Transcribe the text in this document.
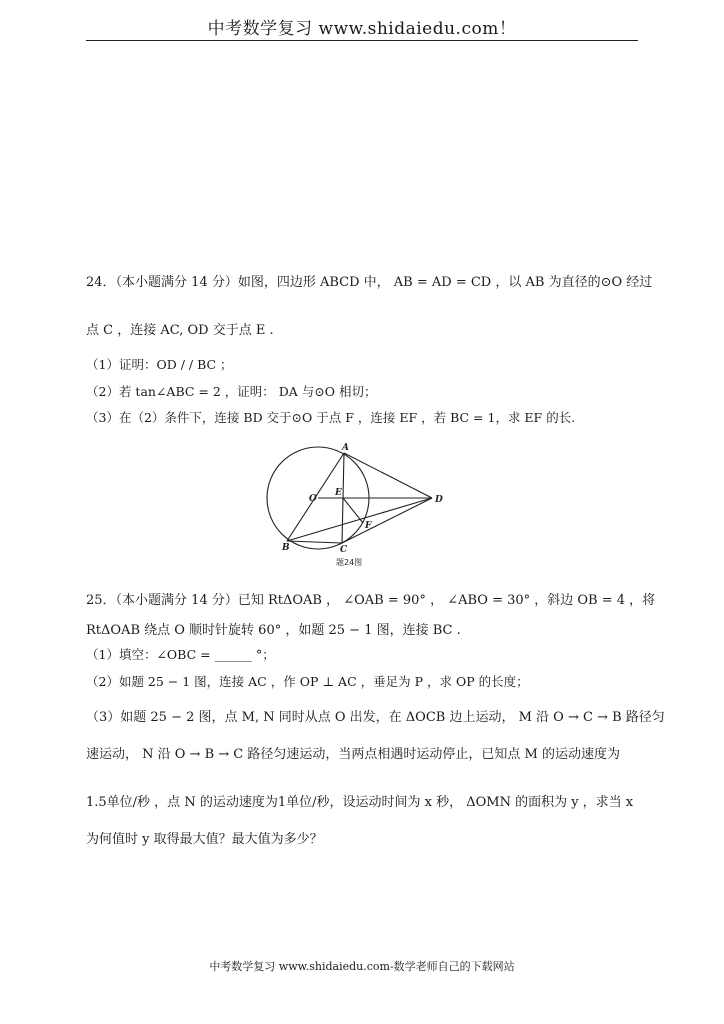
中考数学复习 www.shidaiedu.com！
24．（本小题满分 14 分）如图，四边形 ABCD 中， AB = AD = CD ，以 AB 为直径的⊙O 经过
点 C ，连接 AC, OD 交于点 E .
（1）证明：OD / / BC ；
（2）若 tan∠ABC = 2 ，证明： DA 与⊙O 相切；
（3）在（2）条件下，连接 BD 交于⊙O 于点 F ，连接 EF ，若 BC = 1，求 EF 的长.
A
O
E
D
F
B	C
题24图
25．（本小题满分 14 分）已知 RtΔOAB ， ∠OAB = 90° ， ∠ABO = 30° ，斜边 OB = 4 ，将
RtΔOAB 绕点 O 顺时针旋转 60° ，如题 25 − 1 图，连接 BC .
（1）填空：∠OBC = ______ °；
（2）如题 25 − 1 图，连接 AC ，作 OP ⊥ AC ，垂足为 P ，求 OP 的长度；
（3）如题 25 − 2 图，点 M, N 同时从点 O 出发，在 ΔOCB 边上运动， M 沿 O → C → B 路径匀
速运动， N 沿 O → B → C 路径匀速运动，当两点相遇时运动停止，已知点 M 的运动速度为
1.5单位/秒 ，点 N 的运动速度为1单位/秒，设运动时间为 x 秒， ΔOMN 的面积为 y ，求当 x
为何值时 y 取得最大值？最大值为多少？
中考数学复习 www.shidaiedu.com-数学老师自己的下载网站
